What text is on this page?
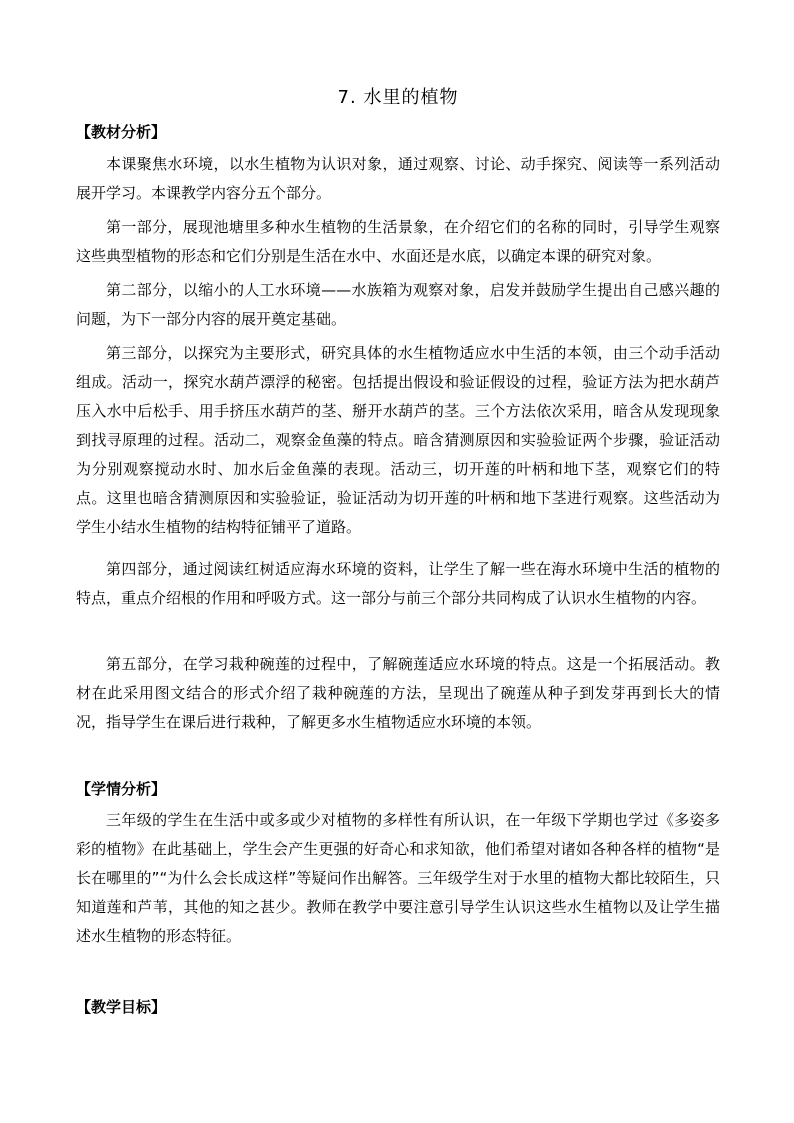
7. 水里的植物
【教材分析】

本课聚焦水环境，以水生植物为认识对象，通过观察、讨论、动手探究、阅读等一系列活动展开学习。本课教学内容分五个部分。

第一部分，展现池塘里多种水生植物的生活景象，在介绍它们的名称的同时，引导学生观察这些典型植物的形态和它们分别是生活在水中、水面还是水底，以确定本课的研究对象。

第二部分，以缩小的人工水环境——水族箱为观察对象，启发并鼓励学生提出自己感兴趣的问题，为下一部分内容的展开奠定基础。

第三部分，以探究为主要形式，研究具体的水生植物适应水中生活的本领，由三个动手活动组成。活动一，探究水葫芦漂浮的秘密。包括提出假设和验证假设的过程，验证方法为把水葫芦压入水中后松手、用手挤压水葫芦的茎、掰开水葫芦的茎。三个方法依次采用，暗含从发现现象到找寻原理的过程。活动二，观察金鱼藻的特点。暗含猜测原因和实验验证两个步骤，验证活动为分别观察搅动水时、加水后金鱼藻的表现。活动三，切开莲的叶柄和地下茎，观察它们的特点。这里也暗含猜测原因和实验验证，验证活动为切开莲的叶柄和地下茎进行观察。这些活动为学生小结水生植物的结构特征铺平了道路。

第四部分，通过阅读红树适应海水环境的资料，让学生了解一些在海水环境中生活的植物的特点，重点介绍根的作用和呼吸方式。这一部分与前三个部分共同构成了认识水生植物的内容。

第五部分，在学习栽种碗莲的过程中，了解碗莲适应水环境的特点。这是一个拓展活动。教材在此采用图文结合的形式介绍了栽种碗莲的方法，呈现出了碗莲从种子到发芽再到长大的情况，指导学生在课后进行栽种，了解更多水生植物适应水环境的本领。

【学情分析】

三年级的学生在生活中或多或少对植物的多样性有所认识，在一年级下学期也学过《多姿多彩的植物》在此基础上，学生会产生更强的好奇心和求知欲，他们希望对诸如各种各样的植物“是长在哪里的”“为什么会长成这样”等疑问作出解答。三年级学生对于水里的植物大都比较陌生，只知道莲和芦苇，其他的知之甚少。教师在教学中要注意引导学生认识这些水生植物以及让学生描述水生植物的形态特征。

【教学目标】
